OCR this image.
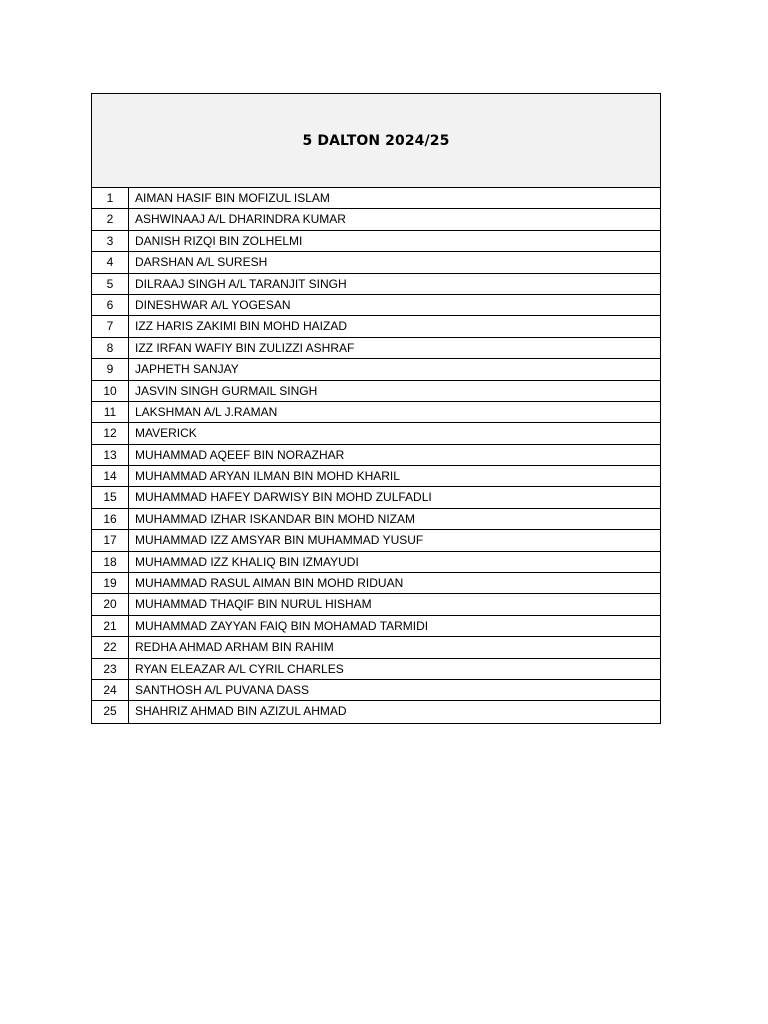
5 DALTON 2024/25
1	AIMAN HASIF BIN MOFIZUL ISLAM
2	ASHWINAAJ A/L DHARINDRA KUMAR
3	DANISH RIZQI BIN ZOLHELMI
4	DARSHAN A/L SURESH
5	DILRAAJ SINGH A/L TARANJIT SINGH
6	DINESHWAR A/L YOGESAN
7	IZZ HARIS ZAKIMI BIN MOHD HAIZAD
8	IZZ IRFAN WAFIY BIN ZULIZZI ASHRAF
9	JAPHETH SANJAY
10	JASVIN SINGH GURMAIL SINGH
11	LAKSHMAN A/L J.RAMAN
12	MAVERICK
13	MUHAMMAD AQEEF BIN NORAZHAR
14	MUHAMMAD ARYAN ILMAN BIN MOHD KHARIL
15	MUHAMMAD HAFEY DARWISY BIN MOHD ZULFADLI
16	MUHAMMAD IZHAR ISKANDAR BIN MOHD NIZAM
17	MUHAMMAD IZZ AMSYAR BIN MUHAMMAD YUSUF
18	MUHAMMAD IZZ KHALIQ BIN IZMAYUDI
19	MUHAMMAD RASUL AIMAN BIN MOHD RIDUAN
20	MUHAMMAD THAQIF BIN NURUL HISHAM
21	MUHAMMAD ZAYYAN FAIQ BIN MOHAMAD TARMIDI
22	REDHA AHMAD ARHAM BIN RAHIM
23	RYAN ELEAZAR A/L CYRIL CHARLES
24	SANTHOSH A/L PUVANA DASS
25	SHAHRIZ AHMAD BIN AZIZUL AHMAD
